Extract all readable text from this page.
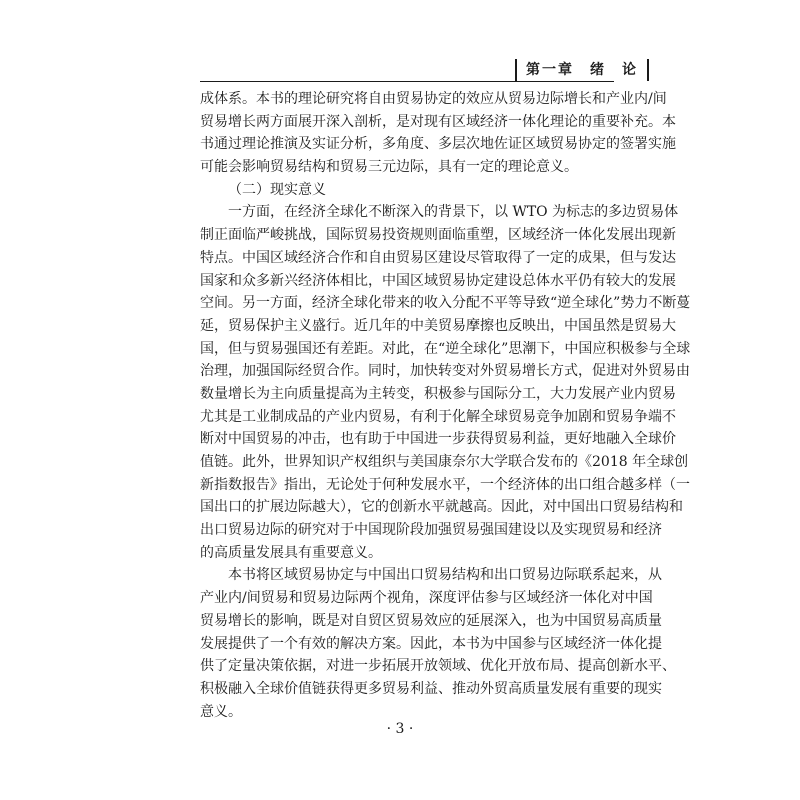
第一章　绪　论
成体系。本书的理论研究将自由贸易协定的效应从贸易边际增长和产业内/间
贸易增长两方面展开深入剖析，是对现有区域经济一体化理论的重要补充。本
书通过理论推演及实证分析，多角度、多层次地佐证区域贸易协定的签署实施
可能会影响贸易结构和贸易三元边际，具有一定的理论意义。
（二）现实意义
一方面，在经济全球化不断深入的背景下，以 WTO 为标志的多边贸易体
制正面临严峻挑战，国际贸易投资规则面临重塑，区域经济一体化发展出现新
特点。中国区域经济合作和自由贸易区建设尽管取得了一定的成果，但与发达
国家和众多新兴经济体相比，中国区域贸易协定建设总体水平仍有较大的发展
空间。另一方面，经济全球化带来的收入分配不平等导致“逆全球化”势力不断蔓
延，贸易保护主义盛行。近几年的中美贸易摩擦也反映出，中国虽然是贸易大
国，但与贸易强国还有差距。对此，在“逆全球化”思潮下，中国应积极参与全球
治理，加强国际经贸合作。同时，加快转变对外贸易增长方式，促进对外贸易由
数量增长为主向质量提高为主转变，积极参与国际分工，大力发展产业内贸易
尤其是工业制成品的产业内贸易，有利于化解全球贸易竞争加剧和贸易争端不
断对中国贸易的冲击，也有助于中国进一步获得贸易利益，更好地融入全球价
值链。此外，世界知识产权组织与美国康奈尔大学联合发布的《2018 年全球创
新指数报告》指出，无论处于何种发展水平，一个经济体的出口组合越多样（一
国出口的扩展边际越大），它的创新水平就越高。因此，对中国出口贸易结构和
出口贸易边际的研究对于中国现阶段加强贸易强国建设以及实现贸易和经济
的高质量发展具有重要意义。
本书将区域贸易协定与中国出口贸易结构和出口贸易边际联系起来，从
产业内/间贸易和贸易边际两个视角，深度评估参与区域经济一体化对中国
贸易增长的影响，既是对自贸区贸易效应的延展深入，也为中国贸易高质量
发展提供了一个有效的解决方案。因此，本书为中国参与区域经济一体化提
供了定量决策依据，对进一步拓展开放领域、优化开放布局、提高创新水平、
积极融入全球价值链获得更多贸易利益、推动外贸高质量发展有重要的现实
意义。
· 3 ·
